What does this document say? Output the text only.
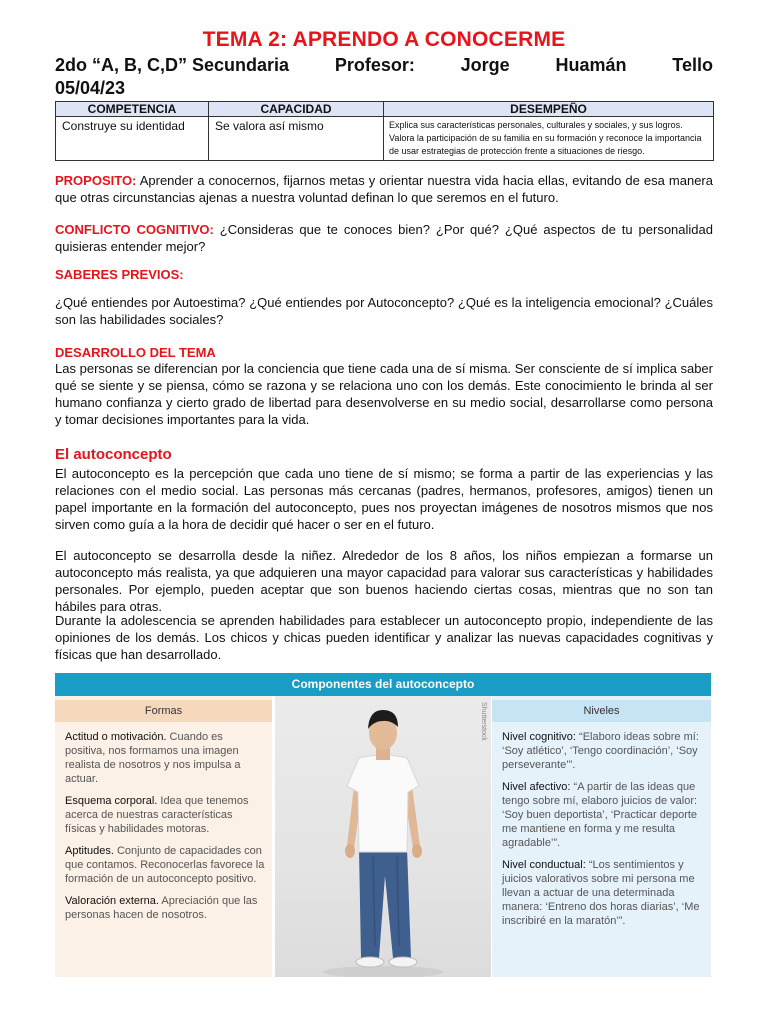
TEMA 2: APRENDO A CONOCERME
2do “A, B, C,D” Secundaria	Profesor:	Jorge	Huamán	Tello
05/04/23
COMPETENCIA	CAPACIDAD	DESEMPEÑO
Construye su identidad	Se valora así mismo	Explica sus características personales, culturales y sociales, y sus logros. Valora la participación de su familia en su formación y reconoce la importancia de usar estrategias de protección frente a situaciones de riesgo.
PROPOSITO: Aprender a conocernos, fijarnos metas y orientar nuestra vida hacia ellas, evitando de esa manera que otras circunstancias ajenas a nuestra voluntad definan lo que seremos en el futuro.
CONFLICTO COGNITIVO: ¿Consideras que te conoces bien? ¿Por qué? ¿Qué aspectos de tu personalidad quisieras entender mejor?
SABERES PREVIOS:
¿Qué entiendes por Autoestima? ¿Qué entiendes por Autoconcepto? ¿Qué es la inteligencia emocional? ¿Cuáles son las habilidades sociales?
DESARROLLO DEL TEMA
Las personas se diferencian por la conciencia que tiene cada una de sí misma. Ser consciente de sí implica saber qué se siente y se piensa, cómo se razona y se relaciona uno con los demás. Este conocimiento le brinda al ser humano confianza y cierto grado de libertad para desenvolverse en su medio social, desarrollarse como persona y tomar decisiones importantes para la vida.
El autoconcepto
El autoconcepto es la percepción que cada uno tiene de sí mismo; se forma a partir de las experiencias y las relaciones con el medio social. Las personas más cercanas (padres, hermanos, profesores, amigos) tienen un papel importante en la formación del autoconcepto, pues nos proyectan imágenes de nosotros mismos que nos sirven como guía a la hora de decidir qué hacer o ser en el futuro.
El autoconcepto se desarrolla desde la niñez. Alrededor de los 8 años, los niños empiezan a formarse un autoconcepto más realista, ya que adquieren una mayor capacidad para valorar sus características y habilidades personales. Por ejemplo, pueden aceptar que son buenos haciendo ciertas cosas, mientras que no son tan hábiles para otras.
Durante la adolescencia se aprenden habilidades para establecer un autoconcepto propio, independiente de las opiniones de los demás. Los chicos y chicas pueden identificar y analizar las nuevas capacidades cognitivas y físicas que han desarrollado.
Componentes del autoconcepto
Formas
Actitud o motivación. Cuando es positiva, nos formamos una imagen realista de nosotros y nos impulsa a actuar.
Esquema corporal. Idea que tenemos acerca de nuestras características físicas y habilidades motoras.
Aptitudes. Conjunto de capacidades con que contamos. Reconocerlas favorece la formación de un autoconcepto positivo.
Valoración externa. Apreciación que las personas hacen de nosotros.
Shutterstock	Niveles
Nivel cognitivo: “Elaboro ideas sobre mí: ‘Soy atlético’, ‘Tengo coordinación’, ‘Soy perseverante’”.
Nivel afectivo: “A partir de las ideas que tengo sobre mí, elaboro juicios de valor: ‘Soy buen deportista’, ‘Practicar deporte me mantiene en forma y me resulta agradable’”.
Nivel conductual: “Los sentimientos y juicios valorativos sobre mi persona me llevan a actuar de una determinada manera: ‘Entreno dos horas diarias’, ‘Me inscribiré en la maratón’”.
